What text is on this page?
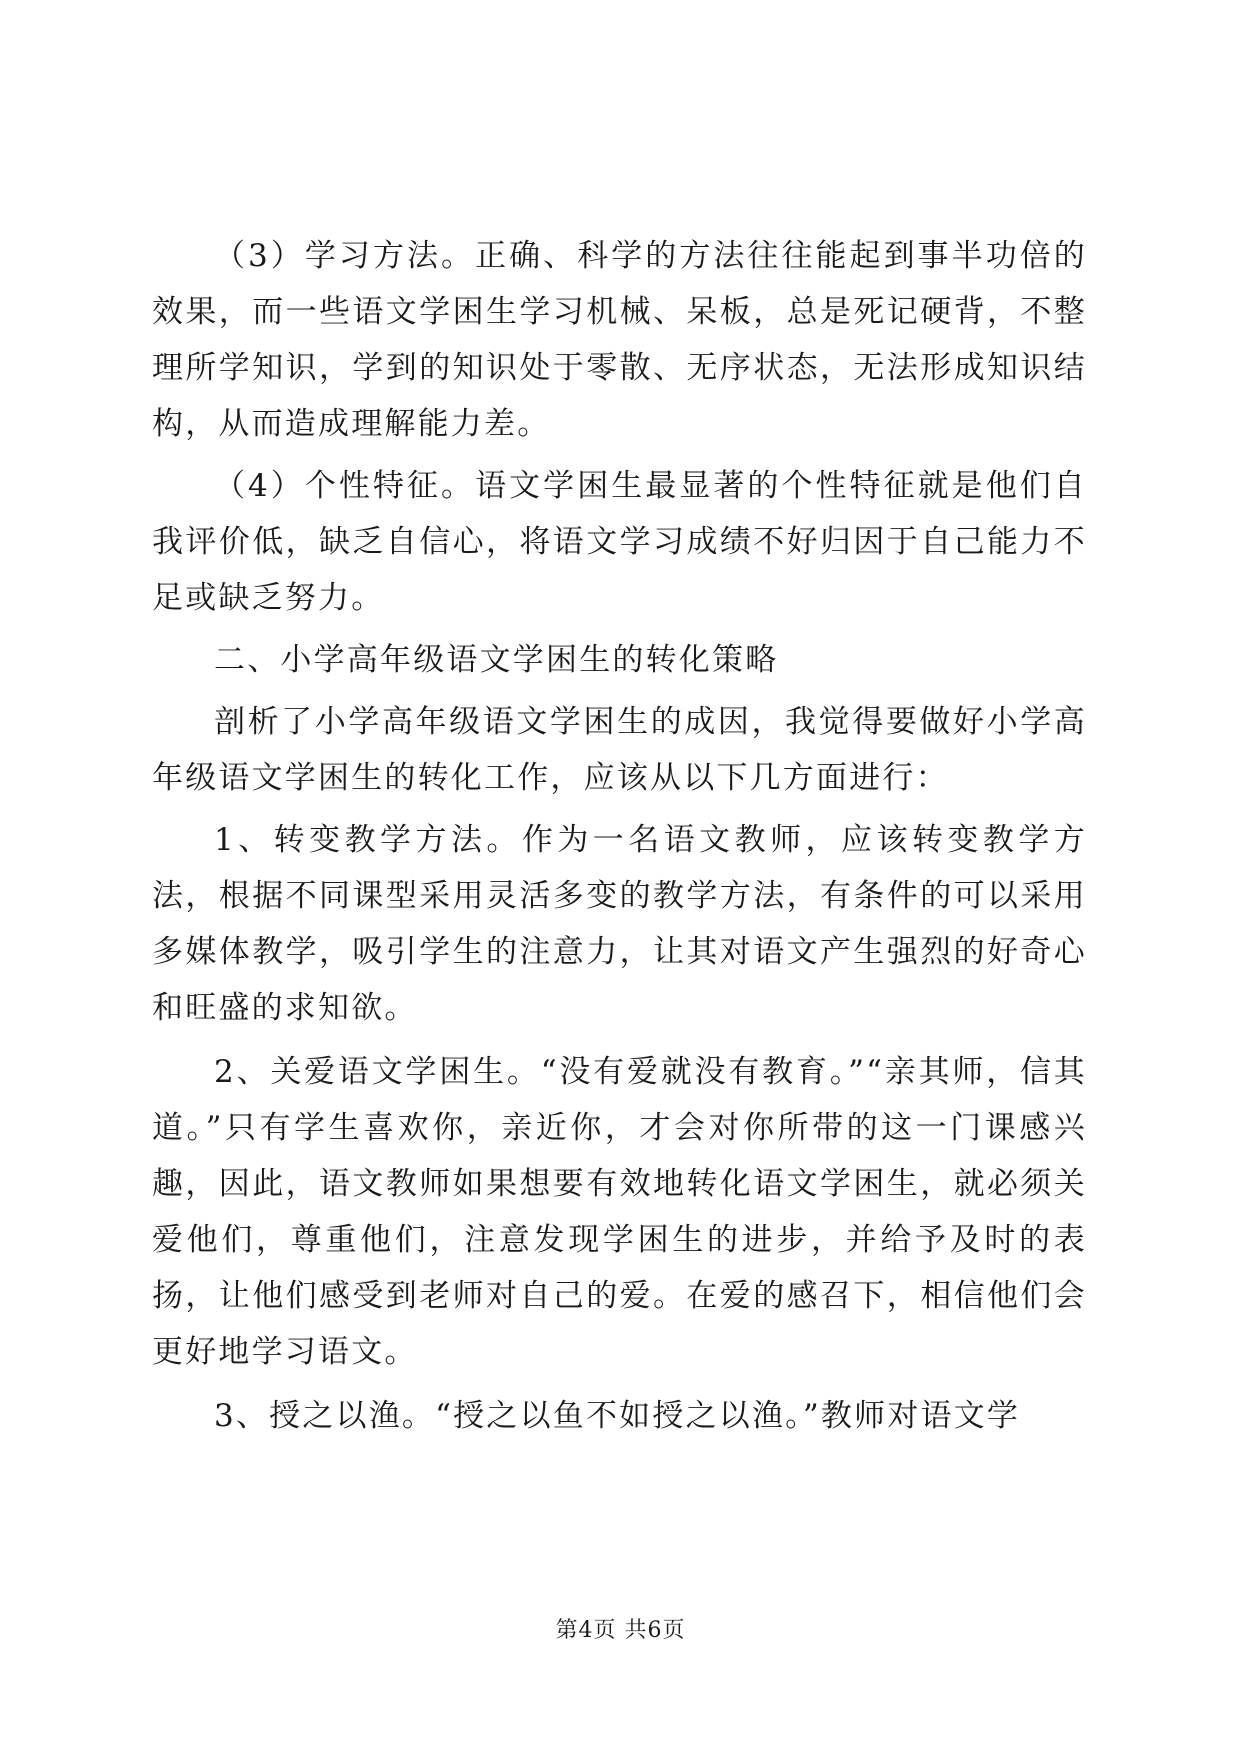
（3）学习方法。正确、科学的方法往往能起到事半功倍的效果，而一些语文学困生学习机械、呆板，总是死记硬背，不整理所学知识，学到的知识处于零散、无序状态，无法形成知识结构，从而造成理解能力差。

（4）个性特征。语文学困生最显著的个性特征就是他们自我评价低，缺乏自信心，将语文学习成绩不好归因于自己能力不足或缺乏努力。

二、小学高年级语文学困生的转化策略

剖析了小学高年级语文学困生的成因，我觉得要做好小学高年级语文学困生的转化工作，应该从以下几方面进行：

1、转变教学方法。作为一名语文教师，应该转变教学方法，根据不同课型采用灵活多变的教学方法，有条件的可以采用多媒体教学，吸引学生的注意力，让其对语文产生强烈的好奇心和旺盛的求知欲。

2、关爱语文学困生。“没有爱就没有教育。”“亲其师，信其道。”只有学生喜欢你，亲近你，才会对你所带的这一门课感兴趣，因此，语文教师如果想要有效地转化语文学困生，就必须关爱他们，尊重他们，注意发现学困生的进步，并给予及时的表扬，让他们感受到老师对自己的爱。在爱的感召下，相信他们会更好地学习语文。

3、授之以渔。“授之以鱼不如授之以渔。”教师对语文学

第4页 共6页
